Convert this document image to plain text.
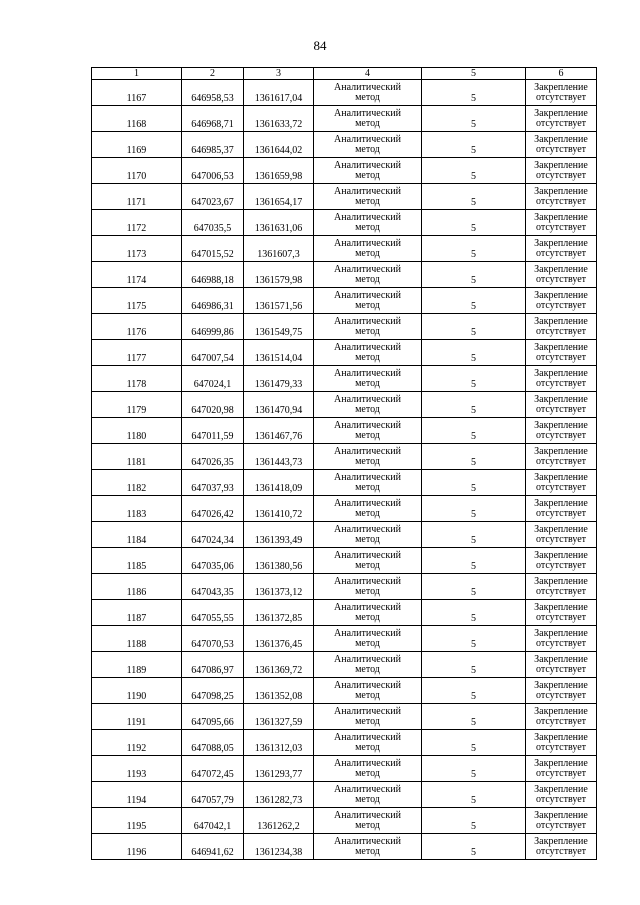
84
1	2	3	4	5	6
1167	646958,53	1361617,04	Аналитический
метод	5	Закрепление
отсутствует

1168	646968,71	1361633,72	Аналитический
метод	5	Закрепление
отсутствует

1169	646985,37	1361644,02	Аналитический
метод	5	Закрепление
отсутствует

1170	647006,53	1361659,98	Аналитический
метод	5	Закрепление
отсутствует

1171	647023,67	1361654,17	Аналитический
метод	5	Закрепление
отсутствует

1172	647035,5	1361631,06	Аналитический
метод	5	Закрепление
отсутствует

1173	647015,52	1361607,3	Аналитический
метод	5	Закрепление
отсутствует

1174	646988,18	1361579,98	Аналитический
метод	5	Закрепление
отсутствует

1175	646986,31	1361571,56	Аналитический
метод	5	Закрепление
отсутствует

1176	646999,86	1361549,75	Аналитический
метод	5	Закрепление
отсутствует

1177	647007,54	1361514,04	Аналитический
метод	5	Закрепление
отсутствует

1178	647024,1	1361479,33	Аналитический
метод	5	Закрепление
отсутствует

1179	647020,98	1361470,94	Аналитический
метод	5	Закрепление
отсутствует

1180	647011,59	1361467,76	Аналитический
метод	5	Закрепление
отсутствует

1181	647026,35	1361443,73	Аналитический
метод	5	Закрепление
отсутствует

1182	647037,93	1361418,09	Аналитический
метод	5	Закрепление
отсутствует

1183	647026,42	1361410,72	Аналитический
метод	5	Закрепление
отсутствует

1184	647024,34	1361393,49	Аналитический
метод	5	Закрепление
отсутствует

1185	647035,06	1361380,56	Аналитический
метод	5	Закрепление
отсутствует

1186	647043,35	1361373,12	Аналитический
метод	5	Закрепление
отсутствует

1187	647055,55	1361372,85	Аналитический
метод	5	Закрепление
отсутствует

1188	647070,53	1361376,45	Аналитический
метод	5	Закрепление
отсутствует

1189	647086,97	1361369,72	Аналитический
метод	5	Закрепление
отсутствует

1190	647098,25	1361352,08	Аналитический
метод	5	Закрепление
отсутствует

1191	647095,66	1361327,59	Аналитический
метод	5	Закрепление
отсутствует

1192	647088,05	1361312,03	Аналитический
метод	5	Закрепление
отсутствует

1193	647072,45	1361293,77	Аналитический
метод	5	Закрепление
отсутствует

1194	647057,79	1361282,73	Аналитический
метод	5	Закрепление
отсутствует

1195	647042,1	1361262,2	Аналитический
метод	5	Закрепление
отсутствует

1196	646941,62	1361234,38	Аналитический
метод	5	Закрепление
отсутствует
